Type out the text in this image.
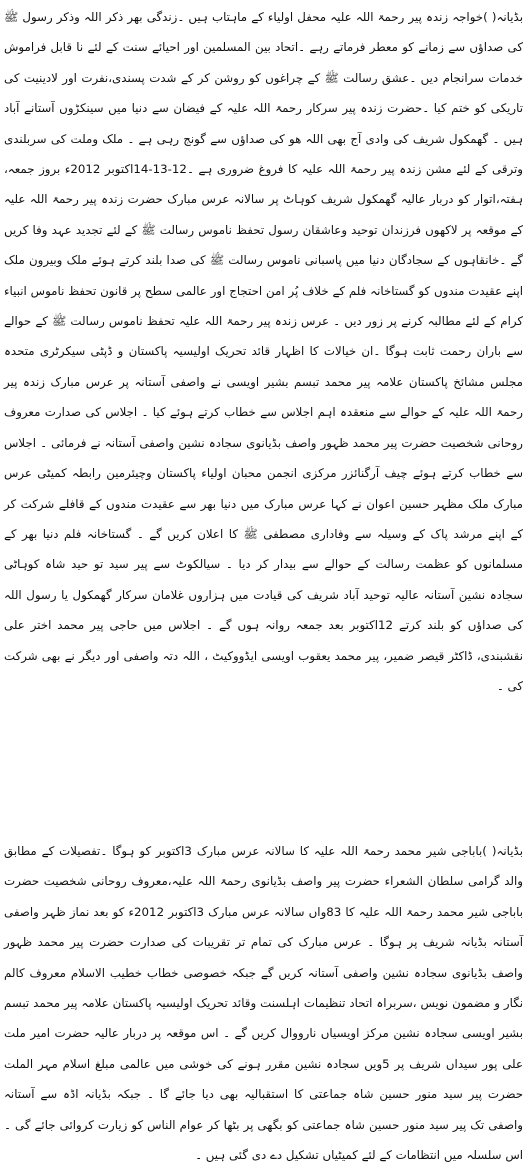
بڈیانہ( )خواجہ زندہ پیر رحمۃ اللہ علیہ محفل اولیاء کے ماہتاب ہیں ۔زندگی بھر ذکر اللہ وذکر رسول ﷺ کی صداؤں سے زمانے کو معطر فرماتے رہے ۔اتحاد بین المسلمین اور احیائے سنت کے لئے نا قابل فراموش خدمات سرانجام دیں ۔عشق رسالت ﷺ کے چراغوں کو روشن کر کے شدت پسندی،نفرت اور لادینیت کی تاریکی کو ختم کیا ۔حضرت زندہ پیر سرکار رحمۃ اللہ علیہ کے فیضان سے دنیا میں سینکڑوں آستانے آباد ہیں ۔ گھمکول شریف کی وادی آج بھی اللہ ھو کی صداؤں سے گونج رہی ہے ۔ ملک وملت کی سربلندی وترقی کے لئے مشن زندہ پیر رحمۃ اللہ علیہ کا فروغ ضروری ہے ۔12-13-14اکتوبر 2012ء بروز جمعہ، ہفتہ،اتوار کو دربار عالیہ گھمکول شریف کوہاٹ پر سالانہ عرس مبارک حضرت زندہ پیر رحمۃ اللہ علیہ کے موقعہ پر لاکھوں فرزندان توحید وعاشقان رسول تحفظ ناموس رسالت ﷺ کے لئے تجدید عہد وفا کریں گے ۔خانقاہوں کے سجادگان دنیا میں پاسبانی ناموس رسالت ﷺ کی صدا بلند کرتے ہوئے ملک وبیرون ملک اپنے عقیدت مندوں کو گستاخانہ فلم کے خلاف پُر امن احتجاج اور عالمی سطح پر قانون تحفظ ناموس انبیاء کرام کے لئے مطالبہ کرنے پر زور دیں ۔ عرس زندہ پیر رحمۃ اللہ علیہ تحفظ ناموس رسالت ﷺ کے حوالے سے باران رحمت ثابت ہوگا ۔ان خیالات کا اظہار قائد تحریک اولیسیہ پاکستان و ڈپٹی سیکرٹری متحدہ مجلس مشائخ پاکستان علامہ پیر محمد تبسم بشیر اویسی نے واصفی آستانہ پر عرس مبارک زندہ پیر رحمۃ اللہ علیہ کے حوالے سے منعقدہ اہم اجلاس سے خطاب کرتے ہوئے کیا ۔ اجلاس کی صدارت معروف روحانی شخصیت حضرت پیر محمد ظہور واصف بڈیانوی سجادہ نشین واصفی آستانہ نے فرمائی ۔ اجلاس سے خطاب کرتے ہوئے چیف آرگنائزر مرکزی انجمن محبان اولیاء پاکستان وچیئرمین رابطہ کمیٹی عرس مبارک ملک مظہر حسین اعوان نے کہا عرس مبارک میں دنیا بھر سے عقیدت مندوں کے قافلے شرکت کر کے اپنے مرشد پاک کے وسیلہ سے وفاداری مصطفی ﷺ کا اعلان کریں گے ۔ گستاخانہ فلم دنیا بھر کے مسلمانوں کو عظمت رسالت کے حوالے سے بیدار کر دیا ۔ سیالکوٹ سے پیر سید تو حید شاہ کوہاٹی سجادہ نشین آستانہ عالیہ توحید آباد شریف کی قیادت میں ہزاروں غلامان سرکار گھمکول یا رسول اللہ کی صداؤں کو بلند کرتے 12اکتوبر بعد جمعہ روانہ ہوں گے ۔ اجلاس میں حاجی پیر محمد اختر علی نقشبندی، ڈاکٹر قیصر ضمیر، پیر محمد یعقوب اویسی ایڈووکیٹ ، اللہ دتہ واصفی اور دیگر نے بھی شرکت کی ۔

بڈیانہ( )باباجی شیر محمد رحمۃ اللہ علیہ کا سالانہ عرس مبارک 3اکتوبر کو ہوگا ۔تفصیلات کے مطابق والد گرامی سلطان الشعراء حضرت پیر واصف بڈیانوی رحمۃ اللہ علیہ،معروف روحانی شخصیت حضرت باباجی شیر محمد رحمۃ اللہ علیہ کا 83واں سالانہ عرس مبارک 3اکتوبر 2012ء کو بعد نماز ظہر واصفی آستانہ بڈیانہ شریف پر ہوگا ۔ عرس مبارک کی تمام تر تقریبات کی صدارت حضرت پیر محمد ظہور واصف بڈیانوی سجادہ نشین واصفی آستانہ کریں گے جبکہ خصوصی خطاب خطیب الاسلام معروف کالم نگار و مضمون نویس ،سربراہ اتحاد تنظیمات اہلسنت وقائد تحریک اولیسیہ پاکستان علامہ پیر محمد تبسم بشیر اویسی سجادہ نشین مرکز اویسیاں نارووال کریں گے ۔ اس موقعہ پر دربار عالیہ حضرت امیر ملت علی پور سیداں شریف پر 5ویں سجادہ نشین مقرر ہونے کی خوشی میں عالمی مبلغ اسلام مہر الملت حضرت پیر سید منور حسین شاہ جماعتی کا استقبالیہ بھی دیا جائے گا ۔ جبکہ بڈیانہ اڈہ سے آستانہ واصفی تک پیر سید منور حسین شاہ جماعتی کو بگھی پر بٹھا کر عوام الناس کو زیارت کروائی جائے گی ۔ اس سلسلہ میں انتظامات کے لئے کمیٹیاں تشکیل دے دی گئی ہیں ۔
